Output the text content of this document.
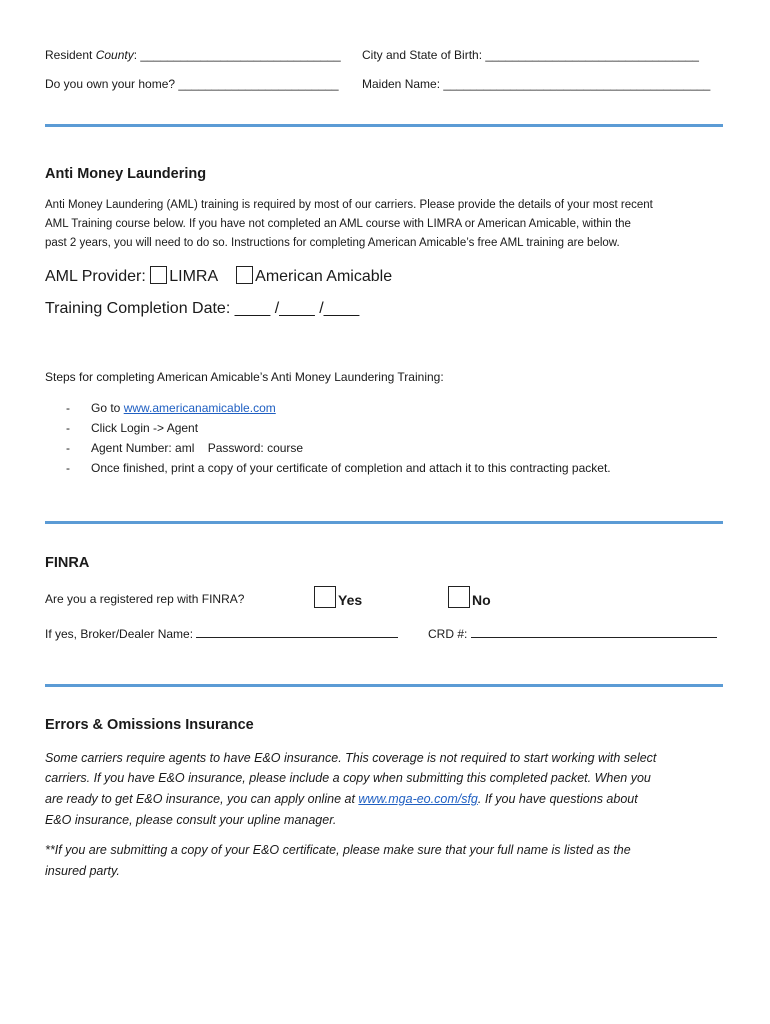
Resident County: ______________________________ City and State of Birth: ________________________________
Do you own your home? ________________________ Maiden Name: ________________________________________
Anti Money Laundering
Anti Money Laundering (AML) training is required by most of our carriers. Please provide the details of your most recent
AML Training course below. If you have not completed an AML course with LIMRA or American Amicable, within the
past 2 years, you will need to do so. Instructions for completing American Amicable’s free AML training are below.
AML Provider: LIMRA American Amicable
Training Completion Date: ____ /____ /____
Steps for completing American Amicable’s Anti Money Laundering Training:
- Go to www.americanamicable.com
- Click Login -> Agent
- Agent Number: aml    Password: course
- Once finished, print a copy of your certificate of completion and attach it to this contracting packet.
FINRA
Are you a registered rep with FINRA?	Yes	No
If yes, Broker/Dealer Name:	CRD #:
Errors & Omissions Insurance
Some carriers require agents to have E&O insurance. This coverage is not required to start working with select
carriers. If you have E&O insurance, please include a copy when submitting this completed packet. When you
are ready to get E&O insurance, you can apply online at www.mga-eo.com/sfg. If you have questions about
E&O insurance, please consult your upline manager.
**If you are submitting a copy of your E&O certificate, please make sure that your full name is listed as the
insured party.
